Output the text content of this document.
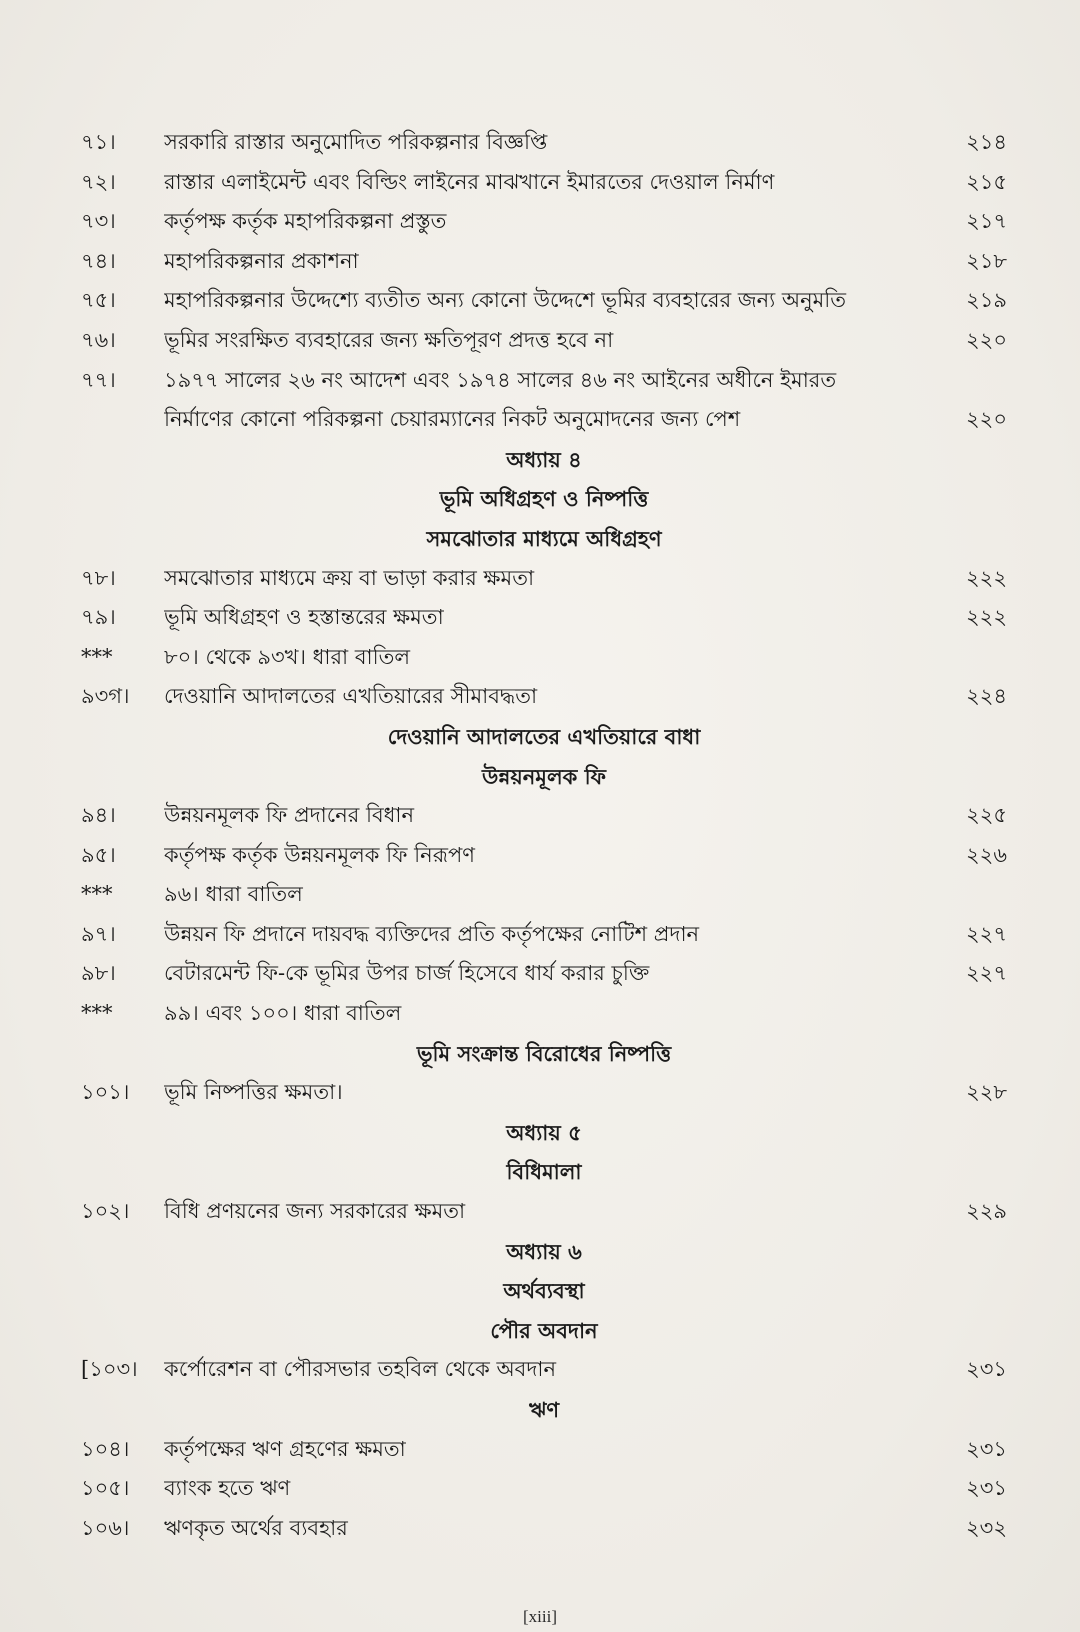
৭১।	সরকারি রাস্তার অনুমোদিত পরিকল্পনার বিজ্ঞপ্তি	২১৪
৭২।	রাস্তার এলাইমেন্ট এবং বিল্ডিং লাইনের মাঝখানে ইমারতের দেওয়াল নির্মাণ	২১৫
৭৩।	কর্তৃপক্ষ কর্তৃক মহাপরিকল্পনা প্রস্তুত	২১৭
৭৪।	মহাপরিকল্পনার প্রকাশনা	২১৮
৭৫।	মহাপরিকল্পনার উদ্দেশ্যে ব্যতীত অন্য কোনো উদ্দেশে ভূমির ব্যবহারের জন্য অনুমতি	২১৯
৭৬।	ভূমির সংরক্ষিত ব্যবহারের জন্য ক্ষতিপূরণ প্রদত্ত হবে না	২২০
৭৭।	১৯৭৭ সালের ২৬ নং আদেশ এবং ১৯৭৪ সালের ৪৬ নং আইনের অধীনে ইমারত
নির্মাণের কোনো পরিকল্পনা চেয়ারম্যানের নিকট অনুমোদনের জন্য পেশ	২২০
অধ্যায় ৪
ভূমি অধিগ্রহণ ও নিষ্পত্তি
সমঝোতার মাধ্যমে অধিগ্রহণ
৭৮।	সমঝোতার মাধ্যমে ক্রয় বা ভাড়া করার ক্ষমতা	২২২
৭৯।	ভূমি অধিগ্রহণ ও হস্তান্তরের ক্ষমতা	২২২
***	৮০। থেকে ৯৩খ। ধারা বাতিল
৯৩গ।	দেওয়ানি আদালতের এখতিয়ারের সীমাবদ্ধতা	২২৪
দেওয়ানি আদালতের এখতিয়ারে বাধা
উন্নয়নমূলক ফি
৯৪।	উন্নয়নমূলক ফি প্রদানের বিধান	২২৫
৯৫।	কর্তৃপক্ষ কর্তৃক উন্নয়নমূলক ফি নিরূপণ	২২৬
***	৯৬। ধারা বাতিল
৯৭।	উন্নয়ন ফি প্রদানে দায়বদ্ধ ব্যক্তিদের প্রতি কর্তৃপক্ষের নোটিশ প্রদান	২২৭
৯৮।	বেটারমেন্ট ফি-কে ভূমির উপর চার্জ হিসেবে ধার্য করার চুক্তি	২২৭
***	৯৯। এবং ১০০। ধারা বাতিল
ভূমি সংক্রান্ত বিরোধের নিষ্পত্তি
১০১।	ভূমি নিষ্পত্তির ক্ষমতা।	২২৮
অধ্যায় ৫
বিধিমালা
১০২।	বিধি প্রণয়নের জন্য সরকারের ক্ষমতা	২২৯
অধ্যায় ৬
অর্থব্যবস্থা
পৌর অবদান
[১০৩।	কর্পোরেশন বা পৌরসভার তহবিল থেকে অবদান	২৩১
ঋণ
১০৪।	কর্তৃপক্ষের ঋণ গ্রহণের ক্ষমতা	২৩১
১০৫।	ব্যাংক হতে ঋণ	২৩১
১০৬।	ঋণকৃত অর্থের ব্যবহার	২৩২
[xiii]
